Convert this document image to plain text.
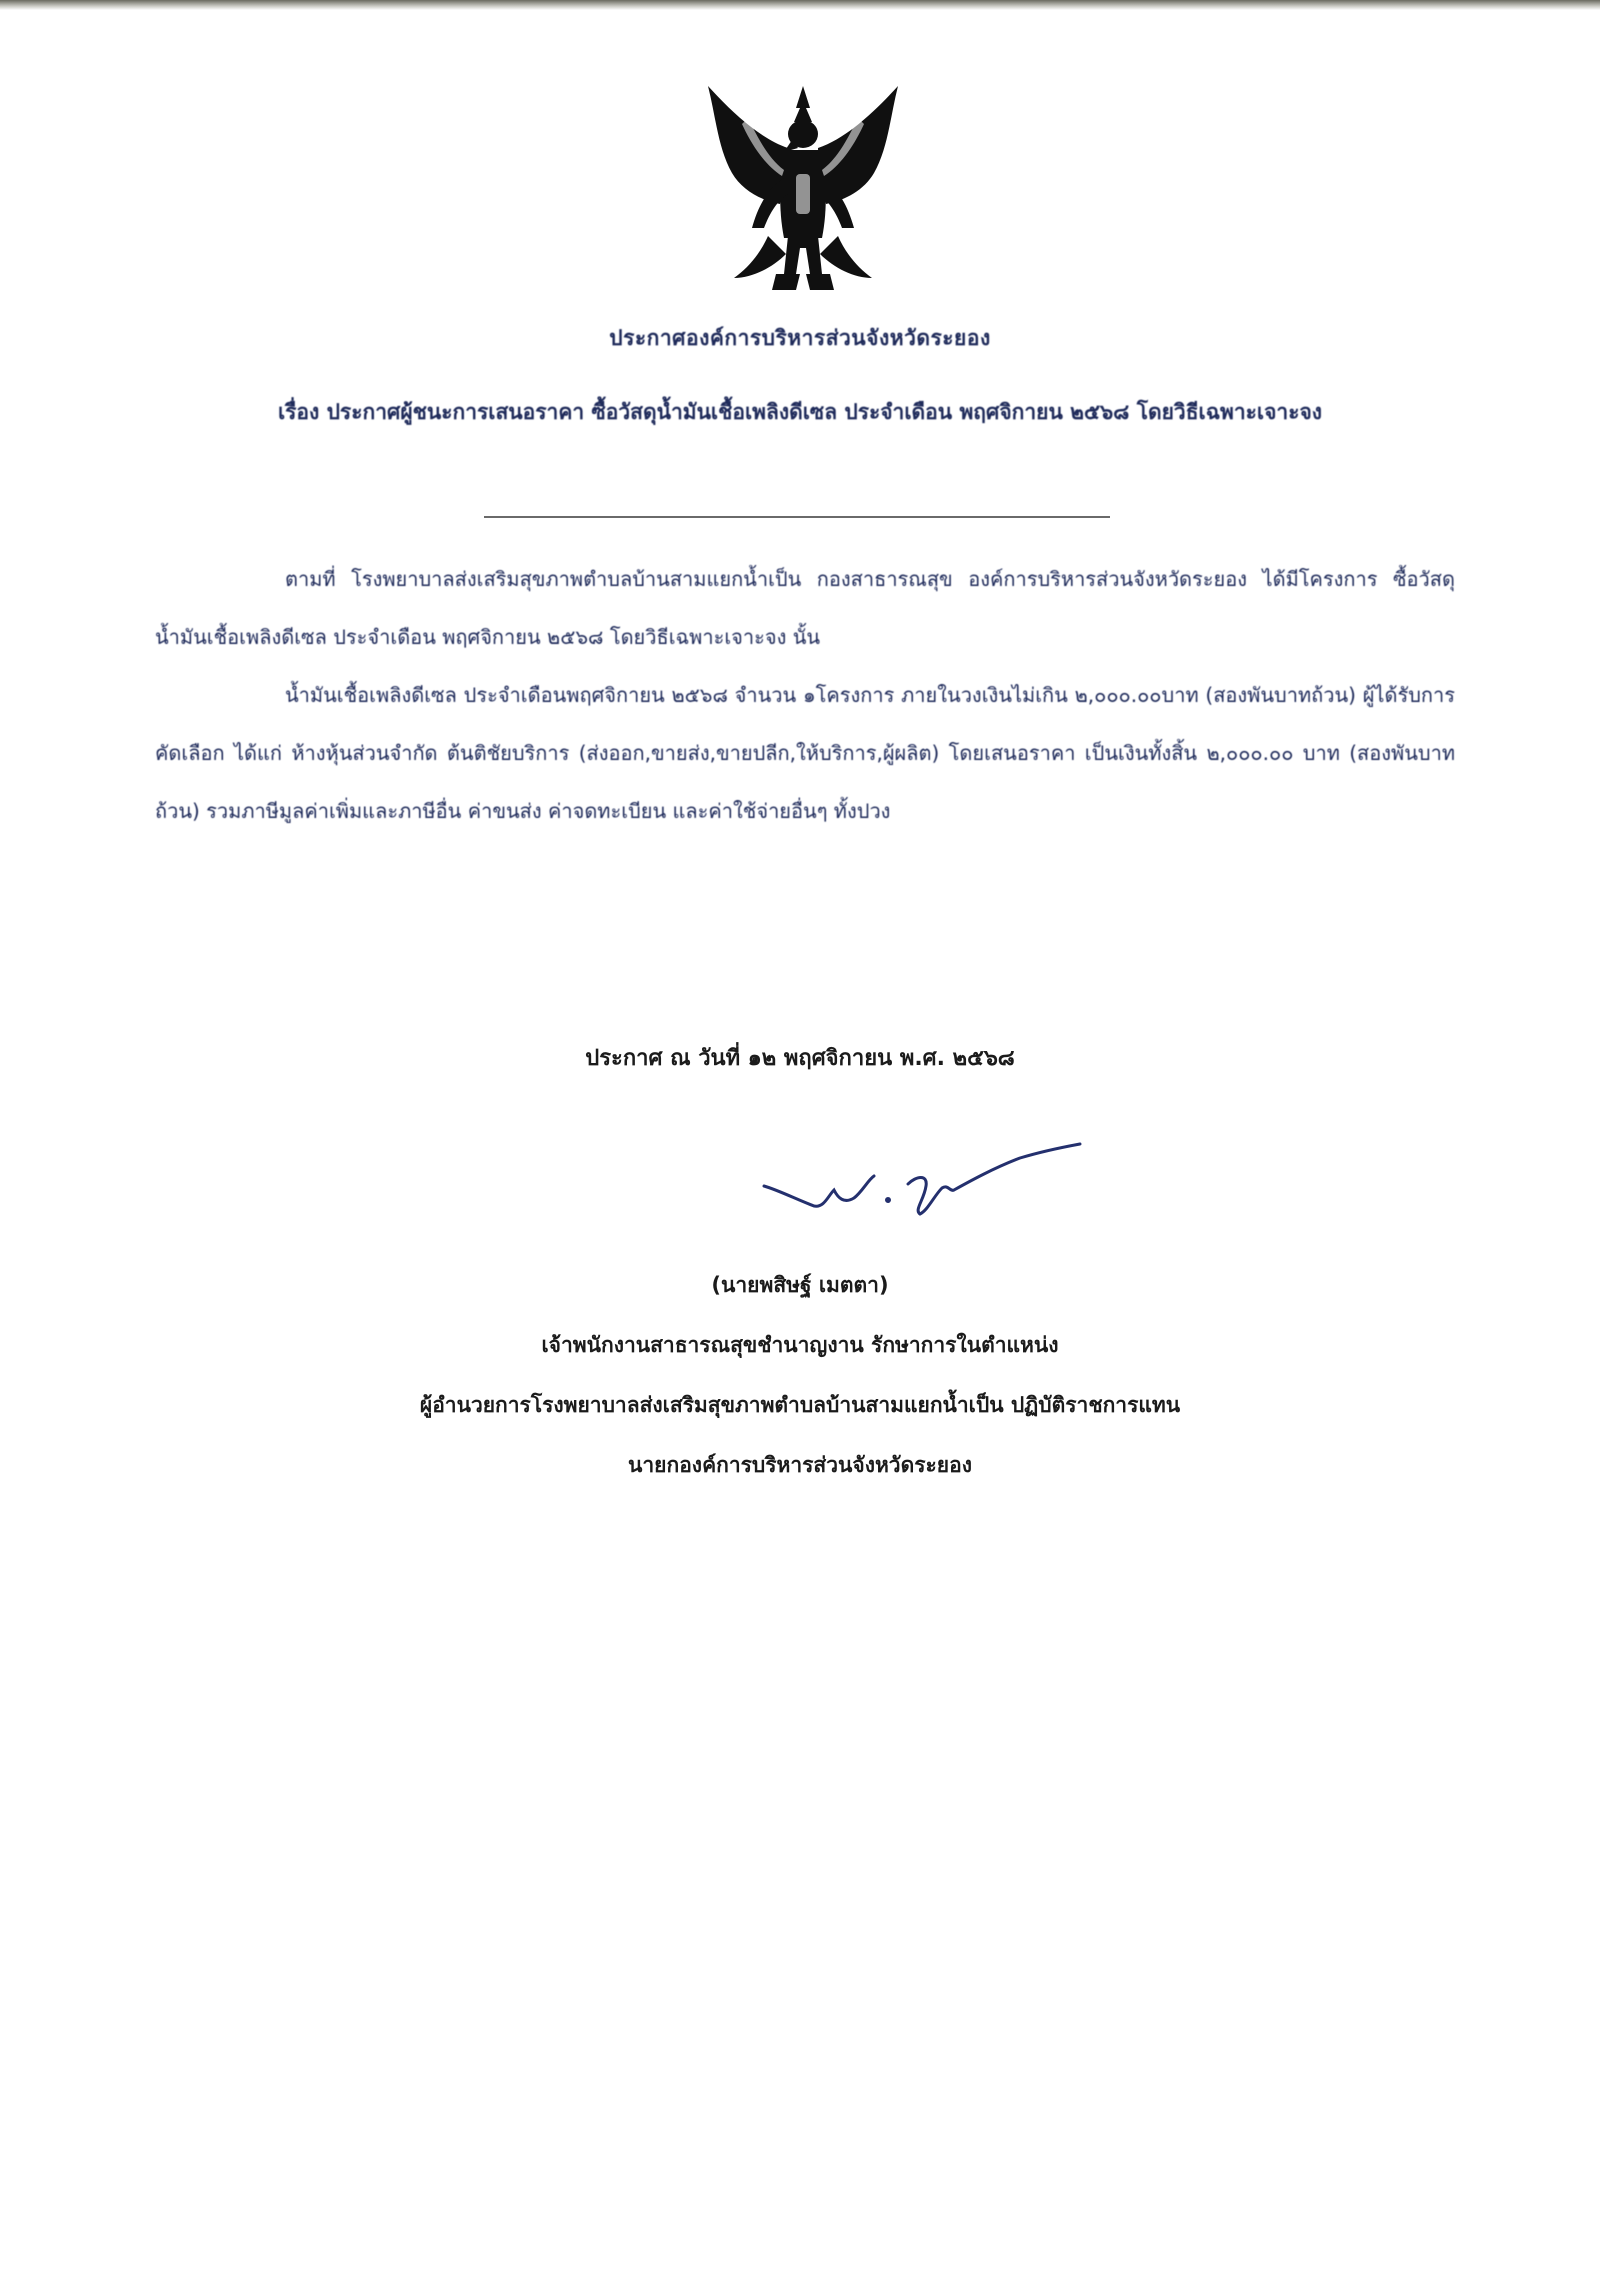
ประกาศองค์การบริหารส่วนจังหวัดระยอง
เรื่อง ประกาศผู้ชนะการเสนอราคา ซื้อวัสดุน้ำมันเชื้อเพลิงดีเซล ประจำเดือน พฤศจิกายน ๒๕๖๘ โดยวิธีเฉพาะเจาะจง

ตามที่ โรงพยาบาลส่งเสริมสุขภาพตำบลบ้านสามแยกน้ำเป็น กองสาธารณสุข องค์การบริหารส่วนจังหวัดระยอง ได้มีโครงการ ซื้อวัสดุน้ำมันเชื้อเพลิงดีเซล ประจำเดือน พฤศจิกายน ๒๕๖๘ โดยวิธีเฉพาะเจาะจง นั้น

น้ำมันเชื้อเพลิงดีเซล ประจำเดือนพฤศจิกายน ๒๕๖๘ จำนวน ๑โครงการ ภายในวงเงินไม่เกิน ๒,๐๐๐.๐๐บาท (สองพันบาทถ้วน) ผู้ได้รับการคัดเลือก ได้แก่ ห้างหุ้นส่วนจำกัด ต้นติชัยบริการ (ส่งออก,ขายส่ง,ขายปลีก,ให้บริการ,ผู้ผลิต) โดยเสนอราคา เป็นเงินทั้งสิ้น ๒,๐๐๐.๐๐ บาท (สองพันบาทถ้วน) รวมภาษีมูลค่าเพิ่มและภาษีอื่น ค่าขนส่ง ค่าจดทะเบียน และค่าใช้จ่ายอื่นๆ ทั้งปวง

ประกาศ ณ วันที่ ๑๒ พฤศจิกายน พ.ศ. ๒๕๖๘
(นายพสิษฐ์ เมตตา)
เจ้าพนักงานสาธารณสุขชำนาญงาน รักษาการในตำแหน่ง
ผู้อำนวยการโรงพยาบาลส่งเสริมสุขภาพตำบลบ้านสามแยกน้ำเป็น ปฏิบัติราชการแทน
นายกองค์การบริหารส่วนจังหวัดระยอง
